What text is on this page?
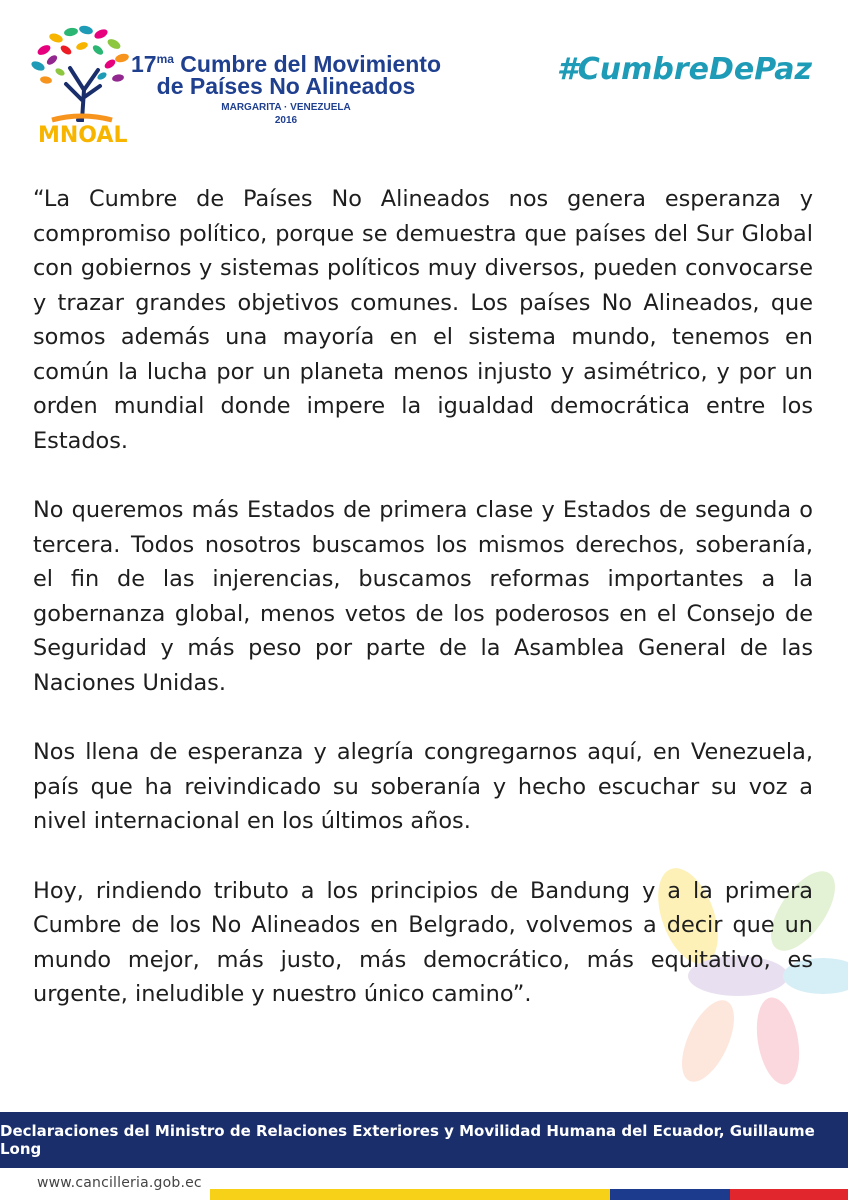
$17^{ma}$ Cumbre del Movimiento
de Países No Alineados
MARGARITA · VENEZUELA
2016
MNOAL
#CumbreDePaz

“La Cumbre de Países No Alineados nos genera esperanza y compromiso político, porque se demuestra que países del Sur Global con gobiernos y sistemas políticos muy diversos, pueden convocarse y trazar grandes objetivos comunes. Los países No Alineados, que somos además una mayoría en el sistema mundo, tenemos en común la lucha por un planeta menos injusto y asimétrico, y por un orden mundial donde impere la igualdad democrática entre los Estados.

No queremos más Estados de primera clase y Estados de segunda o tercera. Todos nosotros buscamos los mismos derechos, soberanía, el fin de las injerencias, buscamos reformas importantes a la gobernanza global, menos vetos de los poderosos en el Consejo de Seguridad y más peso por parte de la Asamblea General de las Naciones Unidas.

Nos llena de esperanza y alegría congregarnos aquí, en Venezuela, país que ha reivindicado su soberanía y hecho escuchar su voz a nivel internacional en los últimos años.

Hoy, rindiendo tributo a los principios de Bandung y a la primera Cumbre de los No Alineados en Belgrado, volvemos a decir que un mundo mejor, más justo, más democrático, más equitativo, es urgente, ineludible y nuestro único camino”.

Declaraciones del Ministro de Relaciones Exteriores y Movilidad Humana del Ecuador, Guillaume Long
www.cancilleria.gob.ec
